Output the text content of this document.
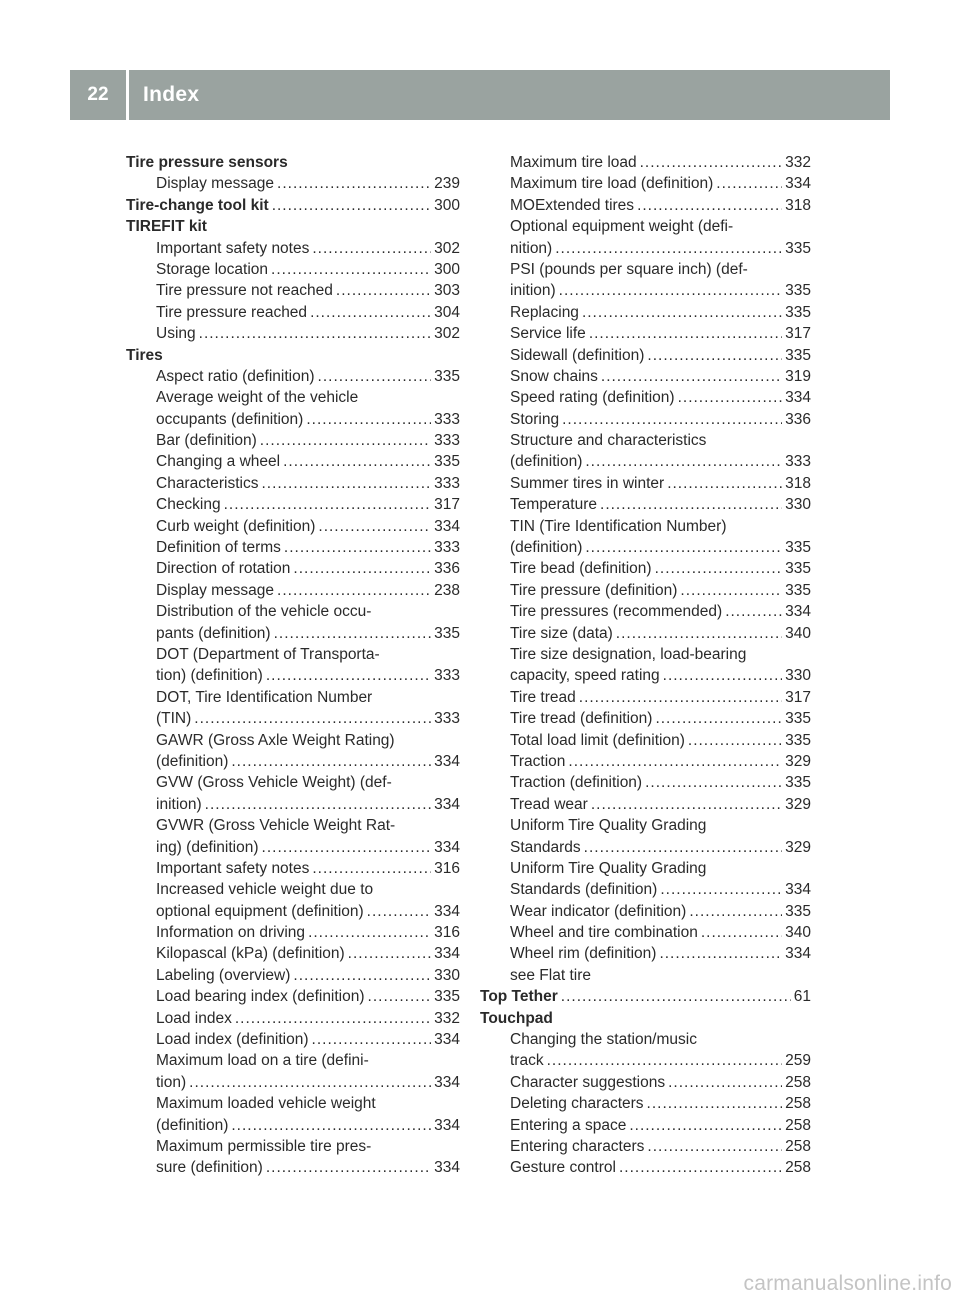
22	Index
Tire pressure sensors
Display message .....	239
Tire-change tool kit .....	300
TIREFIT kit
Important safety notes .....	302
Storage location .....	300
Tire pressure not reached .....	303
Tire pressure reached .....	304
Using .....	302
Tires
Aspect ratio (definition) .....	335
Average weight of the vehicle
occupants (definition) .....	333
Bar (definition) .....	333
Changing a wheel .....	335
Characteristics .....	333
Checking .....	317
Curb weight (definition) .....	334
Definition of terms .....	333
Direction of rotation .....	336
Display message .....	238
Distribution of the vehicle occu-
pants (definition) .....	335
DOT (Department of Transporta-
tion) (definition) .....	333
DOT, Tire Identification Number
(TIN) .....	333
GAWR (Gross Axle Weight Rating)
(definition) .....	334
GVW (Gross Vehicle Weight) (def-
inition) .....	334
GVWR (Gross Vehicle Weight Rat-
ing) (definition) .....	334
Important safety notes .....	316
Increased vehicle weight due to
optional equipment (definition) .....	334
Information on driving .....	316
Kilopascal (kPa) (definition) .....	334
Labeling (overview) .....	330
Load bearing index (definition) .....	335
Load index .....	332
Load index (definition) .....	334
Maximum load on a tire (defini-
tion) .....	334
Maximum loaded vehicle weight
(definition) .....	334
Maximum permissible tire pres-
sure (definition) .....	334
Maximum tire load .....	332
Maximum tire load (definition) .....	334
MOExtended tires .....	318
Optional equipment weight (defi-
nition) .....	335
PSI (pounds per square inch) (def-
inition) .....	335
Replacing .....	335
Service life .....	317
Sidewall (definition) .....	335
Snow chains .....	319
Speed rating (definition) .....	334
Storing .....	336
Structure and characteristics
(definition) .....	333
Summer tires in winter .....	318
Temperature .....	330
TIN (Tire Identification Number)
(definition) .....	335
Tire bead (definition) .....	335
Tire pressure (definition) .....	335
Tire pressures (recommended) .....	334
Tire size (data) .....	340
Tire size designation, load-bearing
capacity, speed rating .....	330
Tire tread .....	317
Tire tread (definition) .....	335
Total load limit (definition) .....	335
Traction .....	329
Traction (definition) .....	335
Tread wear .....	329
Uniform Tire Quality Grading
Standards .....	329
Uniform Tire Quality Grading
Standards (definition) .....	334
Wear indicator (definition) .....	335
Wheel and tire combination .....	340
Wheel rim (definition) .....	334
see Flat tire
Top Tether .....	61
Touchpad
Changing the station/music
track .....	259
Character suggestions .....	258
Deleting characters .....	258
Entering a space .....	258
Entering characters .....	258
Gesture control .....	258
carmanualsonline.info
